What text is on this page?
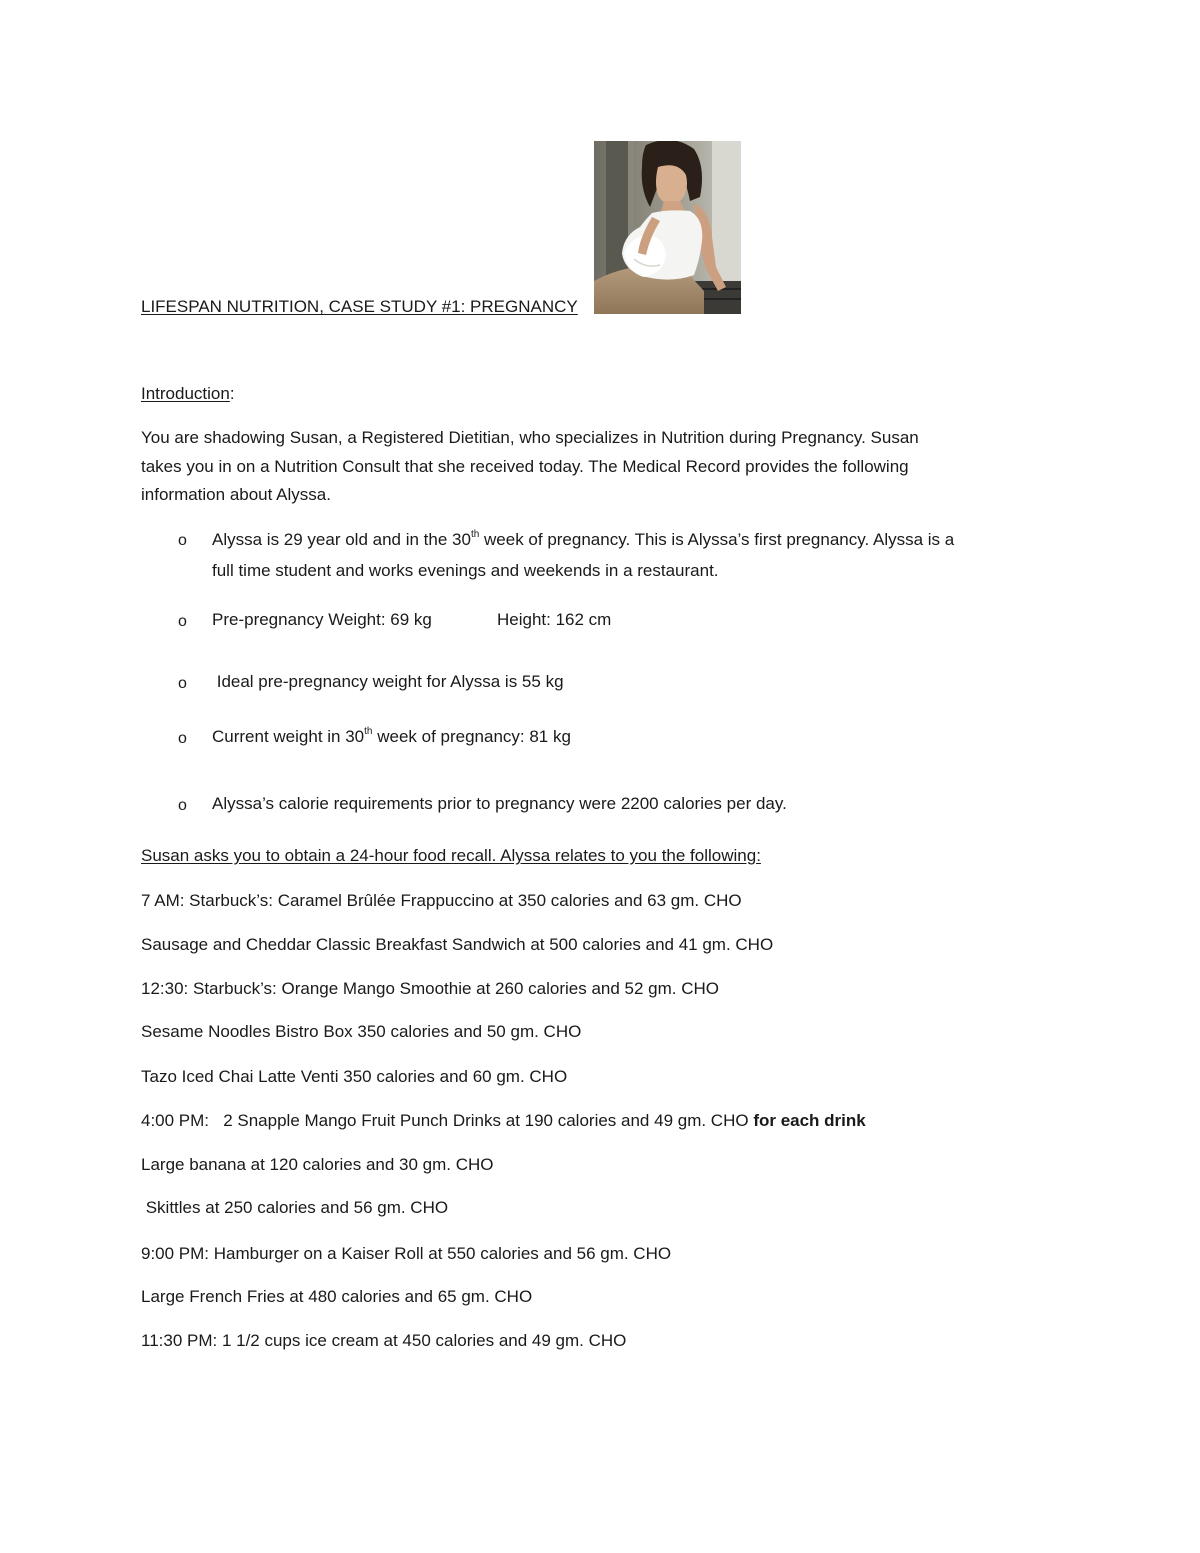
LIFESPAN NUTRITION, CASE STUDY #1: PREGNANCY
Introduction:
You are shadowing Susan, a Registered Dietitian, who specializes in Nutrition during Pregnancy. Susan
takes you in on a Nutrition Consult that she received today. The Medical Record provides the following
information about Alyssa.
o Alyssa is 29 year old and in the 30th week of pregnancy. This is Alyssa’s first pregnancy. Alyssa is a
full time student and works evenings and weekends in a restaurant.
o Pre-pregnancy Weight: 69 kg	Height: 162 cm
o Ideal pre-pregnancy weight for Alyssa is 55 kg
o Current weight in 30th week of pregnancy: 81 kg
o Alyssa’s calorie requirements prior to pregnancy were 2200 calories per day.
Susan asks you to obtain a 24-hour food recall. Alyssa relates to you the following:
7 AM: Starbuck’s: Caramel Brûlée Frappuccino at 350 calories and 63 gm. CHO
Sausage and Cheddar Classic Breakfast Sandwich at 500 calories and 41 gm. CHO
12:30: Starbuck’s: Orange Mango Smoothie at 260 calories and 52 gm. CHO
Sesame Noodles Bistro Box 350 calories and 50 gm. CHO
Tazo Iced Chai Latte Venti 350 calories and 60 gm. CHO
4:00 PM:   2 Snapple Mango Fruit Punch Drinks at 190 calories and 49 gm. CHO for each drink
Large banana at 120 calories and 30 gm. CHO
Skittles at 250 calories and 56 gm. CHO
9:00 PM: Hamburger on a Kaiser Roll at 550 calories and 56 gm. CHO
Large French Fries at 480 calories and 65 gm. CHO
11:30 PM: 1 1/2 cups ice cream at 450 calories and 49 gm. CHO
